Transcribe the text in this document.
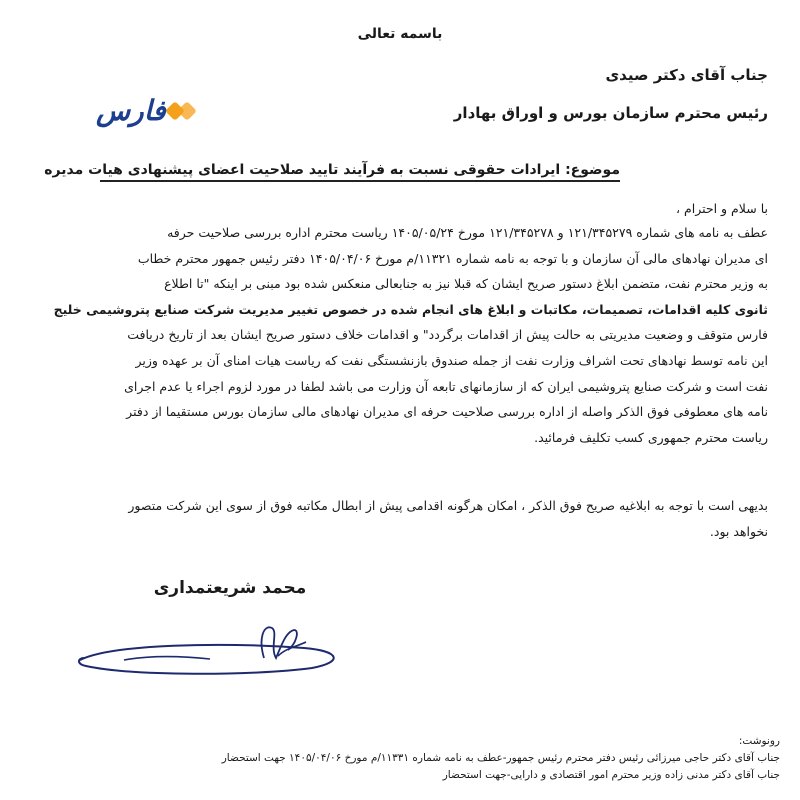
باسمه تعالی
جناب آقای دکتر صیدی
رئیس محترم سازمان بورس و اوراق بهادار
فارس
موضوع: ایرادات حقوقی نسبت به فرآیند تایید صلاحیت اعضای پیشنهادی هیات مدیره
با سلام و احترام ،
عطف به نامه های شماره ۱۲۱/۳۴۵۲۷۹ و ۱۲۱/۳۴۵۲۷۸ مورخ ۱۴۰۵/۰۵/۲۴ ریاست محترم اداره بررسی صلاحیت حرفه
ای مدیران نهادهای مالی آن سازمان و با توجه به نامه شماره ۱۱۳۲۱/م مورخ ۱۴۰۵/۰۴/۰۶ دفتر رئیس جمهور محترم خطاب
به وزیر محترم نفت، متضمن ابلاغ دستور صریح ایشان که قبلا نیز به جنابعالی منعکس شده بود مبنی بر اینکه "تا اطلاع
ثانوی کلیه اقدامات، تصمیمات، مکاتبات و ابلاغ های انجام شده در خصوص تغییر مدیریت شرکت صنایع پتروشیمی خلیج
فارس متوقف و وضعیت مدیریتی به حالت پیش از اقدامات برگردد" و اقدامات خلاف دستور صریح ایشان بعد از تاریخ دریافت
این نامه توسط نهادهای تحت اشراف وزارت نفت از جمله صندوق بازنشستگی نفت که ریاست هیات امنای آن بر عهده وزیر
نفت است و شرکت صنایع پتروشیمی ایران که از سازمانهای تابعه آن وزارت می باشد لطفا در مورد لزوم اجراء یا عدم اجرای
نامه های معطوفی فوق الذکر واصله از اداره بررسی صلاحیت حرفه ای مدیران نهادهای مالی سازمان بورس مستقیما از دفتر
ریاست محترم جمهوری کسب تکلیف فرمائید.
بدیهی است با توجه به ابلاغیه صریح فوق الذکر ، امکان هرگونه اقدامی پیش از ابطال مکاتبه فوق از سوی این شرکت متصور
نخواهد بود.
محمد شریعتمداری
رونوشت:
جناب آقای دکتر حاجی میرزائی رئیس دفتر محترم رئیس جمهور-عطف به نامه شماره ۱۱۳۳۱/م مورخ ۱۴۰۵/۰۴/۰۶ جهت استحضار
جناب آقای دکتر مدنی زاده وزیر محترم امور اقتصادی و دارایی-جهت استحضار
